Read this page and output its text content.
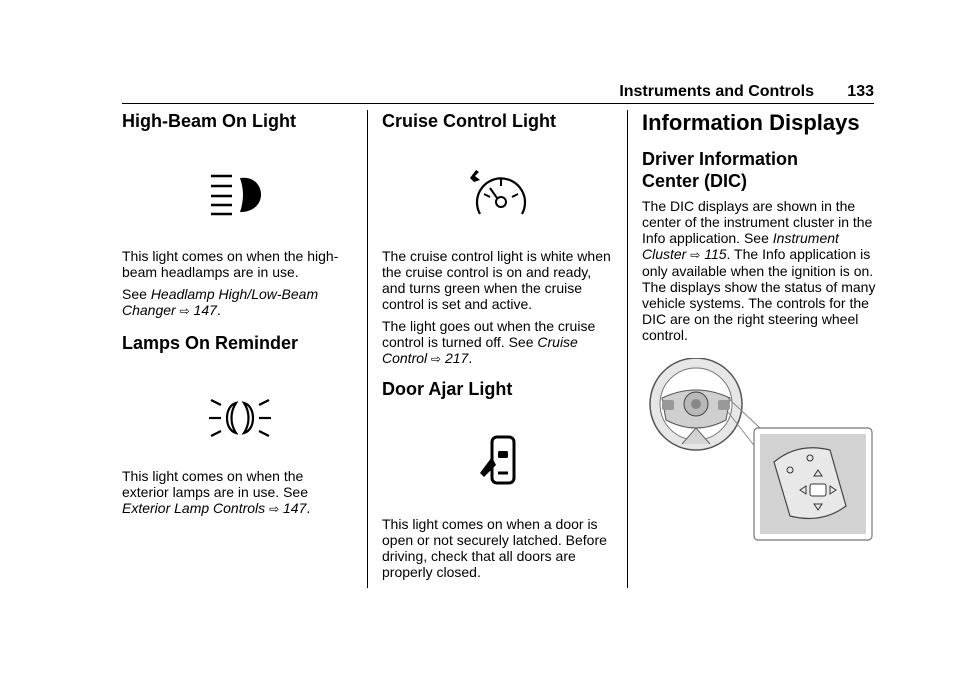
Instruments and Controls 133
High-Beam On Light

This light comes on when the high-beam headlamps are in use.

See Headlamp High/Low-Beam Changer ⇨ 147.

Lamps On Reminder

This light comes on when the

exterior lamps are in use. See

Exterior Lamp Controls ⇨ 147.

Cruise Control Light

The cruise control light is white when the cruise control is on and ready, and turns green when the cruise control is set and active.

The light goes out when the cruise control is turned off. See Cruise Control ⇨ 217.

Door Ajar Light

This light comes on when a door is open or not securely latched. Before driving, check that all doors are properly closed.

Information Displays
Driver Information
Center (DIC)

The DIC displays are shown in the center of the instrument cluster in the Info application. See Instrument Cluster ⇨ 115. The Info application is only available when the ignition is on. The displays show the status of many vehicle systems. The controls for the DIC are on the right steering wheel control.
